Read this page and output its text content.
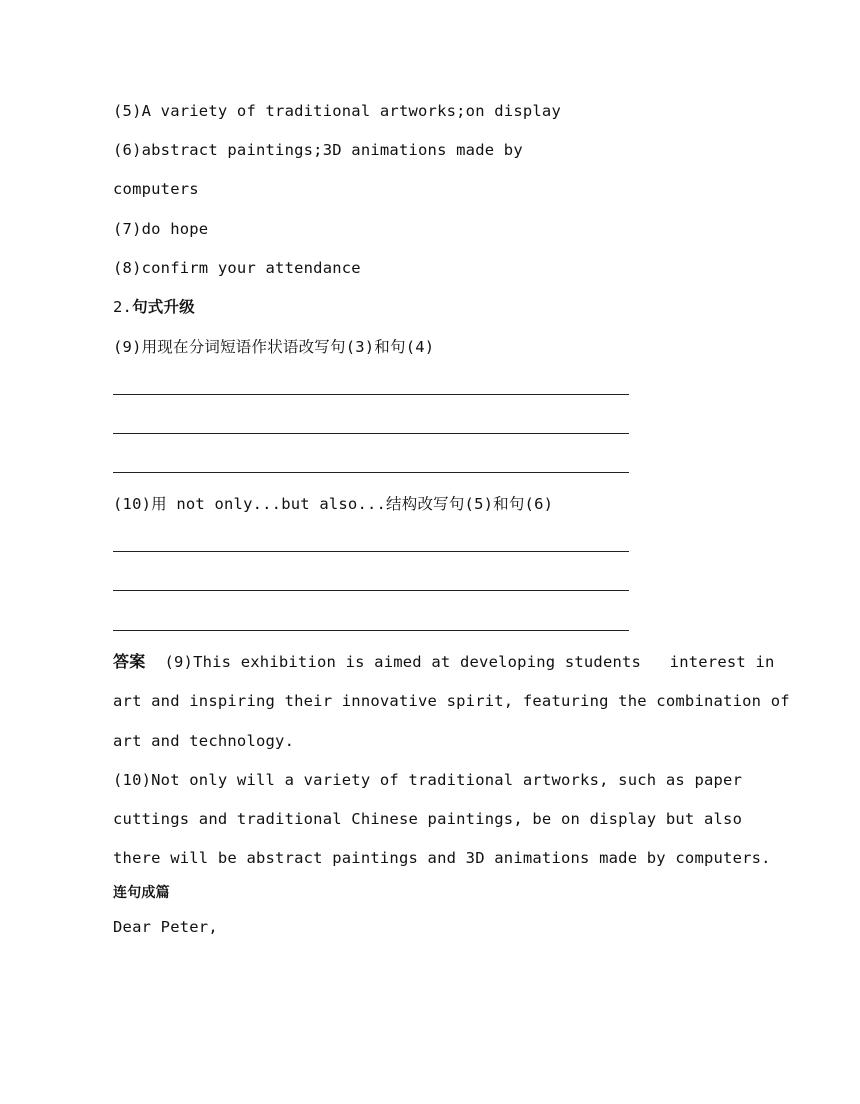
(5)A variety of traditional artworks;on display
(6)abstract paintings;3D animations made by
computers
(7)do hope
(8)confirm your attendance
2.句式升级
(9)用现在分词短语作状语改写句(3)和句(4)
(10)用 not only...but also...结构改写句(5)和句(6)
答案 (9)This exhibition is aimed at developing students   interest in
art and inspiring their innovative spirit, featuring the combination of
art and technology.
(10)Not only will a variety of traditional artworks, such as paper
cuttings and traditional Chinese paintings, be on display but also
there will be abstract paintings and 3D animations made by computers.
连句成篇
Dear Peter,
